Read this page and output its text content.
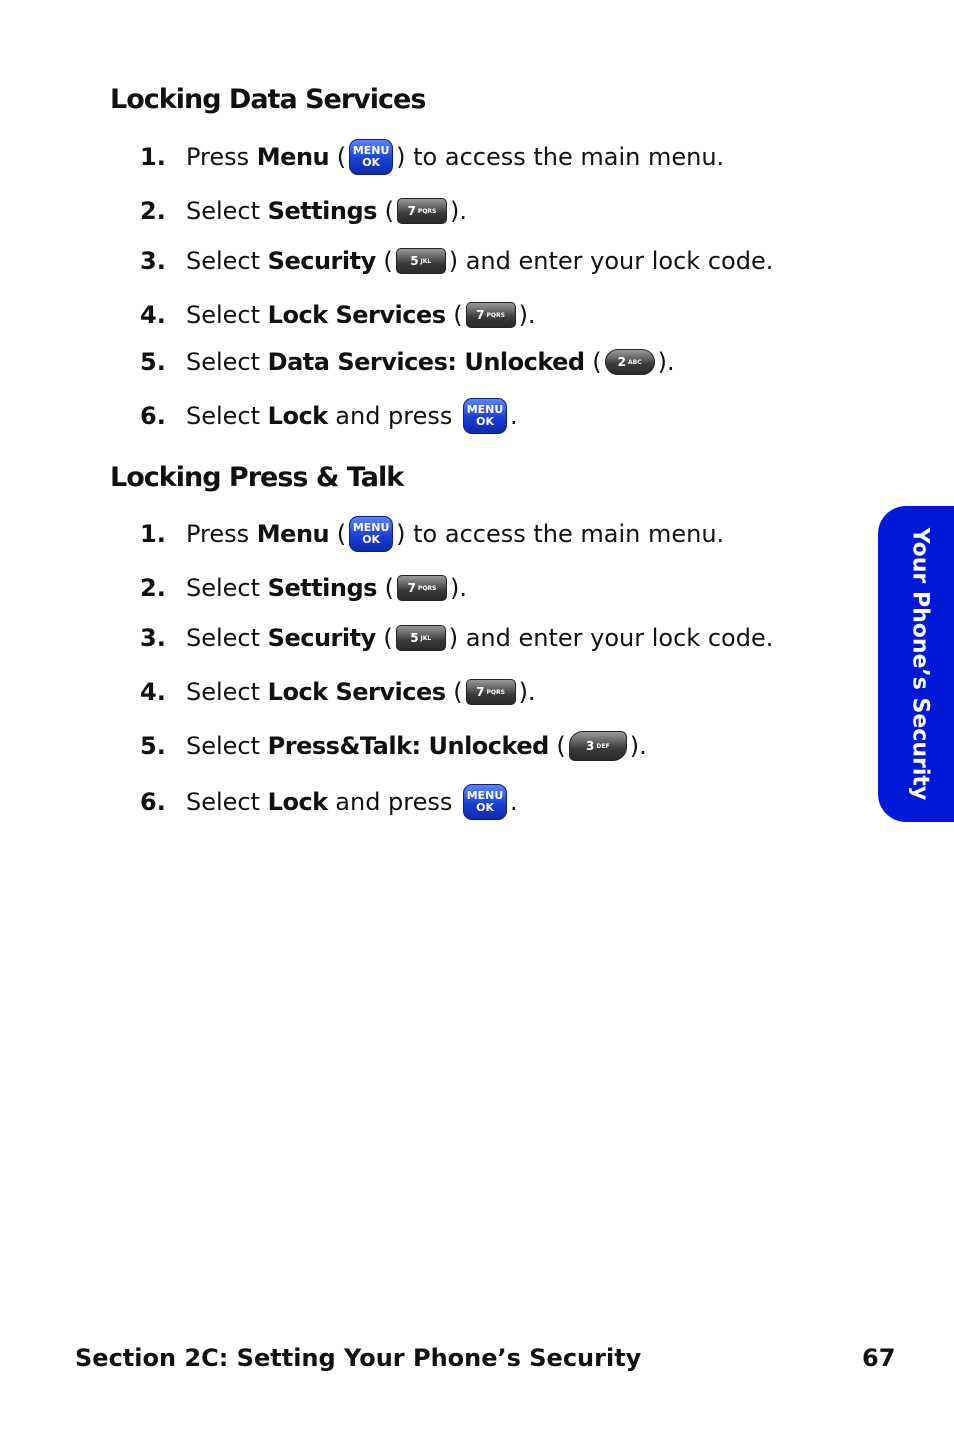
Locking Data Services
1. Press Menu ( MENU
OK ) to access the main menu.
2. Select Settings ( 7 PQRS ).
3. Select Security ( 5 JKL ) and enter your lock code.
4. Select Lock Services ( 7 PQRS ).
5. Select Data Services: Unlocked ( 2 ABC ).
6. Select Lock and press MENU
OK .
Locking Press & Talk
1. Press Menu ( MENU
OK ) to access the main menu.
2. Select Settings ( 7 PQRS ).
3. Select Security ( 5 JKL ) and enter your lock code.
4. Select Lock Services ( 7 PQRS ).
5. Select Press&Talk: Unlocked ( 3 DEF ).
6. Select Lock and press MENU
OK .
Your Phone’s Security
Section 2C: Setting Your Phone’s Security	67
